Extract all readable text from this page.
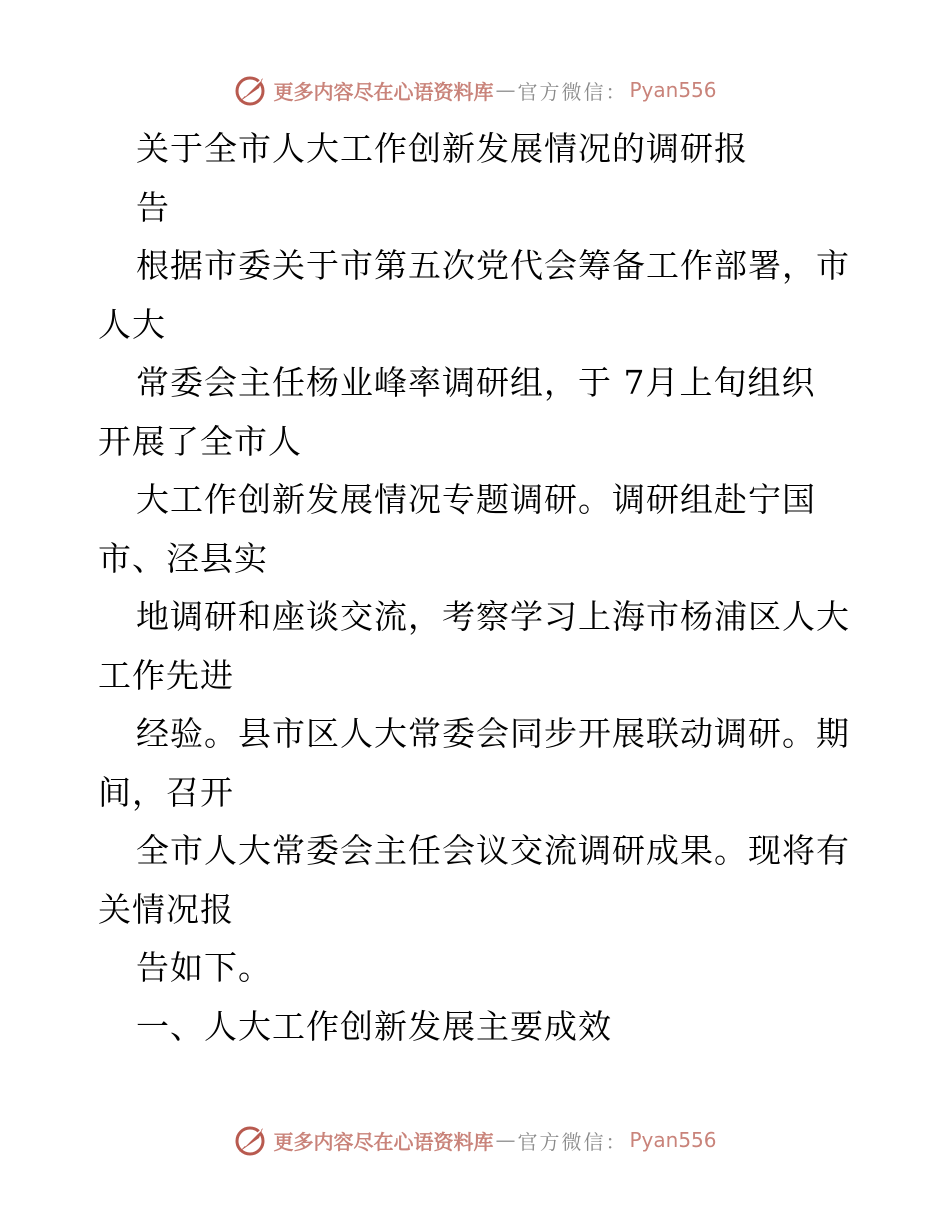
更多内容尽在心语资料库 — 官方微信： Pyan556
关于全市人大工作创新发展情况的调研报
告
根据市委关于市第五次党代会筹备工作部署，市
人大
常委会主任杨业峰率调研组，于 7月上旬组织
开展了全市人
大工作创新发展情况专题调研。调研组赴宁国
市、泾县实
地调研和座谈交流，考察学习上海市杨浦区人大
工作先进
经验。县市区人大常委会同步开展联动调研。期
间，召开
全市人大常委会主任会议交流调研成果。现将有
关情况报
告如下。
一、人大工作创新发展主要成效
更多内容尽在心语资料库 — 官方微信： Pyan556
